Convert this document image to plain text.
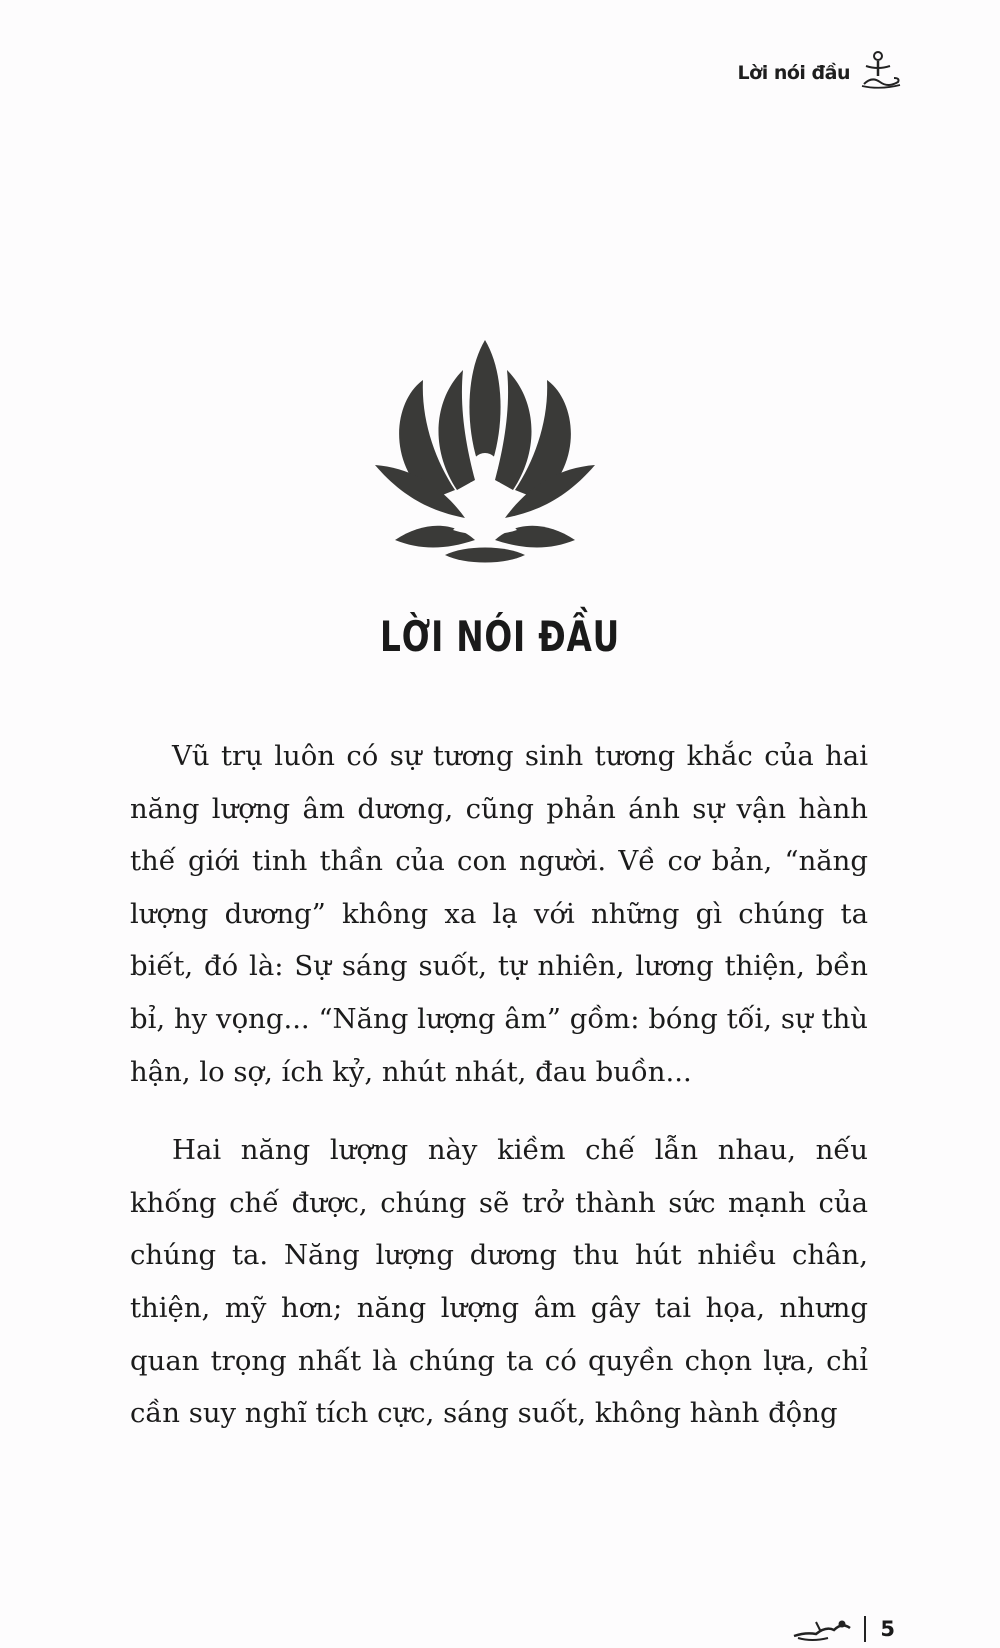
Lời nói đầu
LỜI NÓI ĐẦU

Vũ trụ luôn có sự tương sinh tương khắc của hai năng lượng âm dương, cũng phản ánh sự vận hành thế giới tinh thần của con người. Về cơ bản, “năng lượng dương” không xa lạ với những gì chúng ta biết, đó là: Sự sáng suốt, tự nhiên, lương thiện, bền bỉ, hy vọng... “Năng lượng âm” gồm: bóng tối, sự thù hận, lo sợ, ích kỷ, nhút nhát, đau buồn...

Hai năng lượng này kiềm chế lẫn nhau, nếu khống chế được, chúng sẽ trở thành sức mạnh của chúng ta. Năng lượng dương thu hút nhiều chân, thiện, mỹ hơn; năng lượng âm gây tai họa, nhưng quan trọng nhất là chúng ta có quyền chọn lựa, chỉ cần suy nghĩ tích cực, sáng suốt, không hành động

5
